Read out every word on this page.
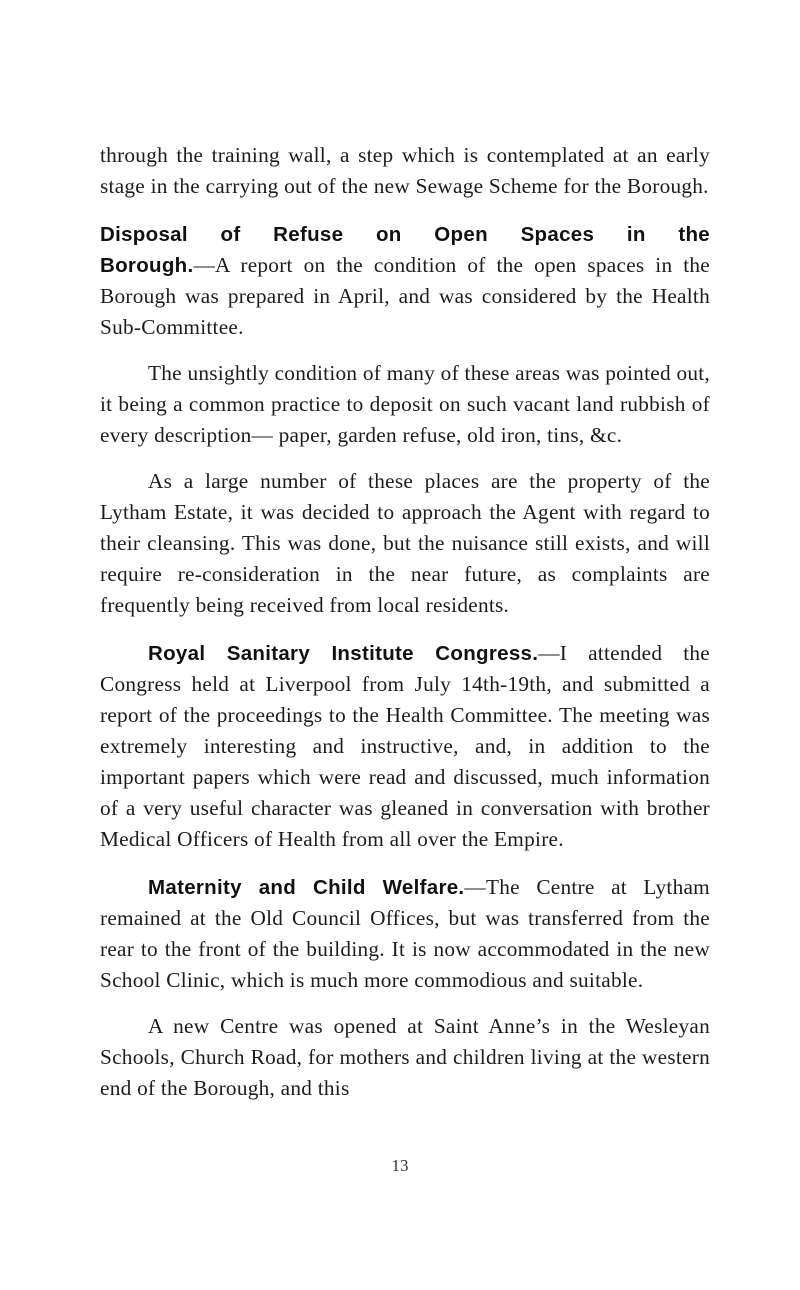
through the training wall, a step which is contemplated at an early stage in the carrying out of the new Sewage Scheme for the Borough.

Disposal of Refuse on Open Spaces in the
Borough.—A report on the condition of the open spaces in the Borough was prepared in April, and was considered by the Health Sub-Committee.

The unsightly condition of many of these areas was pointed out, it being a common practice to deposit on such vacant land rubbish of every description— paper, garden refuse, old iron, tins, &c.

As a large number of these places are the property of the Lytham Estate, it was decided to approach the Agent with regard to their cleansing. This was done, but the nuisance still exists, and will require re-consideration in the near future, as complaints are frequently being received from local residents.

Royal Sanitary Institute Congress.—I attended the Congress held at Liverpool from July 14th-19th, and submitted a report of the proceedings to the Health Committee. The meeting was extremely interesting and instructive, and, in addition to the important papers which were read and discussed, much information of a very useful character was gleaned in conversation with brother Medical Officers of Health from all over the Empire.

Maternity and Child Welfare.—The Centre at Lytham remained at the Old Council Offices, but was transferred from the rear to the front of the building. It is now accommodated in the new School Clinic, which is much more commodious and suitable.

A new Centre was opened at Saint Anne’s in the Wesleyan Schools, Church Road, for mothers and children living at the western end of the Borough, and this

13
